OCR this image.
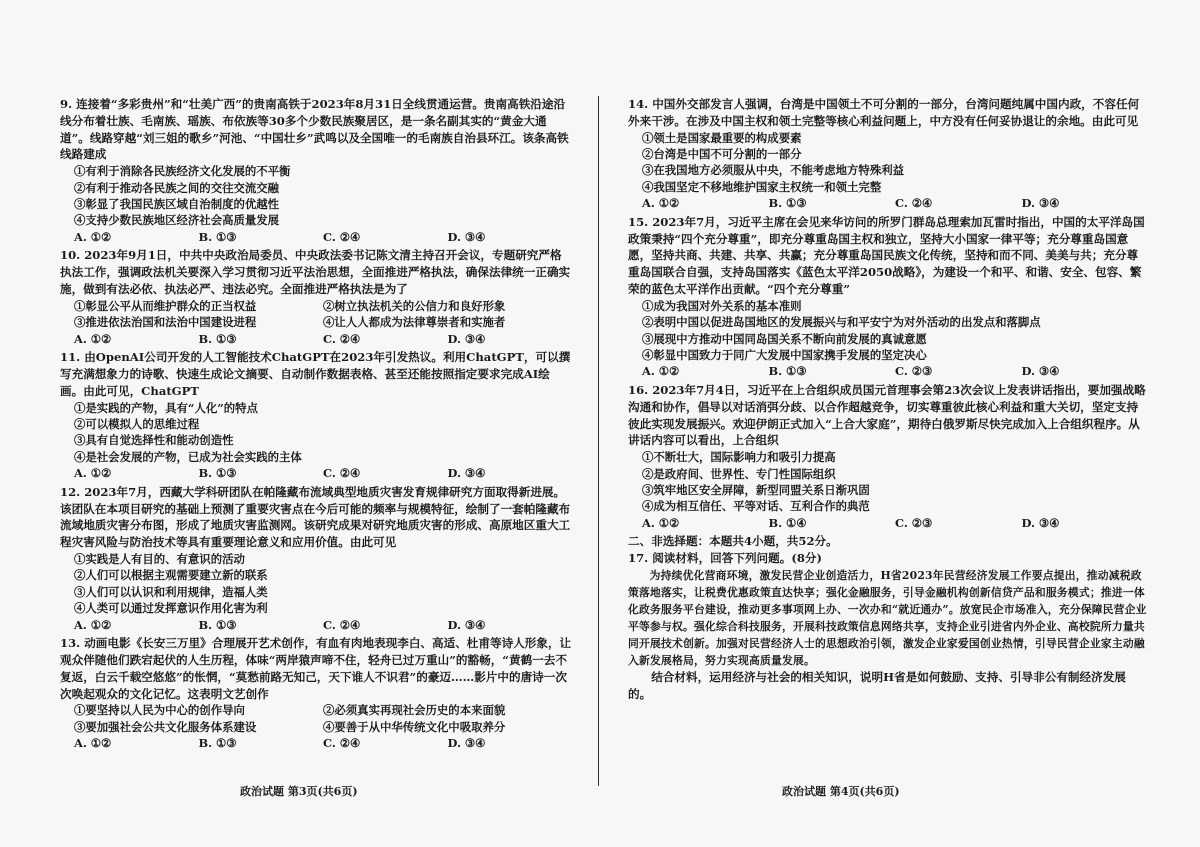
9. 连接着“多彩贵州”和“壮美广西”的贵南高铁于2023年8月31日全线贯通运营。贵南高铁沿途沿线分布着壮族、毛南族、瑶族、布依族等30多个少数民族聚居区，是一条名副其实的“黄金大通道”。线路穿越“刘三姐的歌乡”河池、“中国壮乡”武鸣以及全国唯一的毛南族自治县环江。该条高铁线路建成
①有利于消除各民族经济文化发展的不平衡
②有利于推动各民族之间的交往交流交融
③彰显了我国民族区域自治制度的优越性
④支持少数民族地区经济社会高质量发展
A. ①②	B. ①③	C. ②④	D. ③④
10. 2023年9月1日，中共中央政治局委员、中央政法委书记陈文清主持召开会议，专题研究严格执法工作，强调政法机关要深入学习贯彻习近平法治思想，全面推进严格执法，确保法律统一正确实施，做到有法必依、执法必严、违法必究。全面推进严格执法是为了
①彰显公平从而维护群众的正当权益	②树立执法机关的公信力和良好形象
③推进依法治国和法治中国建设进程	④让人人都成为法律尊崇者和实施者
A. ①②	B. ①③	C. ②④	D. ③④
11. 由OpenAI公司开发的人工智能技术ChatGPT在2023年引发热议。利用ChatGPT，可以撰写充满想象力的诗歌、快速生成论文摘要、自动制作数据表格、甚至还能按照指定要求完成AI绘画。由此可见，ChatGPT
①是实践的产物，具有“人化”的特点
②可以模拟人的思维过程
③具有自觉选择性和能动创造性
④是社会发展的产物，已成为社会实践的主体
A. ①②	B. ①③	C. ②④	D. ③④
12. 2023年7月，西藏大学科研团队在帕隆藏布流域典型地质灾害发育规律研究方面取得新进展。该团队在本项目研究的基础上预测了重要灾害点在今后可能的频率与规模特征，绘制了一套帕隆藏布流域地质灾害分布图，形成了地质灾害监测网。该研究成果对研究地质灾害的形成、高原地区重大工程灾害风险与防治技术等具有重要理论意义和应用价值。由此可见
①实践是人有目的、有意识的活动
②人们可以根据主观需要建立新的联系
③人们可以认识和利用规律，造福人类
④人类可以通过发挥意识作用化害为利
A. ①②	B. ①③	C. ②④	D. ③④
13. 动画电影《长安三万里》合理展开艺术创作，有血有肉地表现李白、高适、杜甫等诗人形象，让观众伴随他们跌宕起伏的人生历程，体味“两岸猿声啼不住，轻舟已过万重山”的豁畅，“黄鹤一去不复返，白云千载空悠悠”的怅惘，“莫愁前路无知己，天下谁人不识君”的豪迈……影片中的唐诗一次次唤起观众的文化记忆。这表明文艺创作
①要坚持以人民为中心的创作导向	②必须真实再现社会历史的本来面貌
③要加强社会公共文化服务体系建设	④要善于从中华传统文化中吸取养分
A. ①②	B. ①③	C. ②④	D. ③④
14. 中国外交部发言人强调，台湾是中国领土不可分割的一部分，台湾问题纯属中国内政，不容任何外来干涉。在涉及中国主权和领土完整等核心利益问题上，中方没有任何妥协退让的余地。由此可见
①领土是国家最重要的构成要素
②台湾是中国不可分割的一部分
③在我国地方必须服从中央，不能考虑地方特殊利益
④我国坚定不移地维护国家主权统一和领土完整
A. ①②	B. ①③	C. ②④	D. ③④
15. 2023年7月，习近平主席在会见来华访问的所罗门群岛总理索加瓦雷时指出，中国的太平洋岛国政策秉持“四个充分尊重”，即充分尊重岛国主权和独立，坚持大小国家一律平等；充分尊重岛国意愿，坚持共商、共建、共享、共赢；充分尊重岛国民族文化传统，坚持和而不同、美美与共；充分尊重岛国联合自强，支持岛国落实《蓝色太平洋2050战略》，为建设一个和平、和谐、安全、包容、繁荣的蓝色太平洋作出贡献。“四个充分尊重”
①成为我国对外关系的基本准则
②表明中国以促进岛国地区的发展振兴与和平安宁为对外活动的出发点和落脚点
③展现中方推动中国同岛国关系不断向前发展的真诚意愿
④彰显中国致力于同广大发展中国家携手发展的坚定决心
A. ①②	B. ①③	C. ②③	D. ③④
16. 2023年7月4日，习近平在上合组织成员国元首理事会第23次会议上发表讲话指出，要加强战略沟通和协作，倡导以对话消弭分歧、以合作超越竞争，切实尊重彼此核心利益和重大关切，坚定支持彼此实现发展振兴。欢迎伊朗正式加入“上合大家庭”，期待白俄罗斯尽快完成加入上合组织程序。从讲话内容可以看出，上合组织
①不断壮大，国际影响力和吸引力提高
②是政府间、世界性、专门性国际组织
③筑牢地区安全屏障，新型同盟关系日渐巩固
④成为相互信任、平等对话、互利合作的典范
A. ①②	B. ①④	C. ②③	D. ③④
二、非选择题：本题共4小题，共52分。
17. 阅读材料，回答下列问题。(8分)
为持续优化营商环境，激发民营企业创造活力，H省2023年民营经济发展工作要点提出，推动减税政策落地落实，让税费优惠政策直达快享；强化金融服务，引导金融机构创新信贷产品和服务模式；推进一体化政务服务平台建设，推动更多事项网上办、一次办和“就近通办”。放宽民企市场准入，充分保障民营企业平等参与权。强化综合科技服务，开展科技政策信息网络共享，支持企业引进省内外企业、高校院所力量共同开展技术创新。加强对民营经济人士的思想政治引领，激发企业家爱国创业热情，引导民营企业家主动融入新发展格局，努力实现高质量发展。
结合材料，运用经济与社会的相关知识，说明H省是如何鼓励、支持、引导非公有制经济发展的。
政治试题 第3页(共6页)	政治试题 第4页(共6页)
